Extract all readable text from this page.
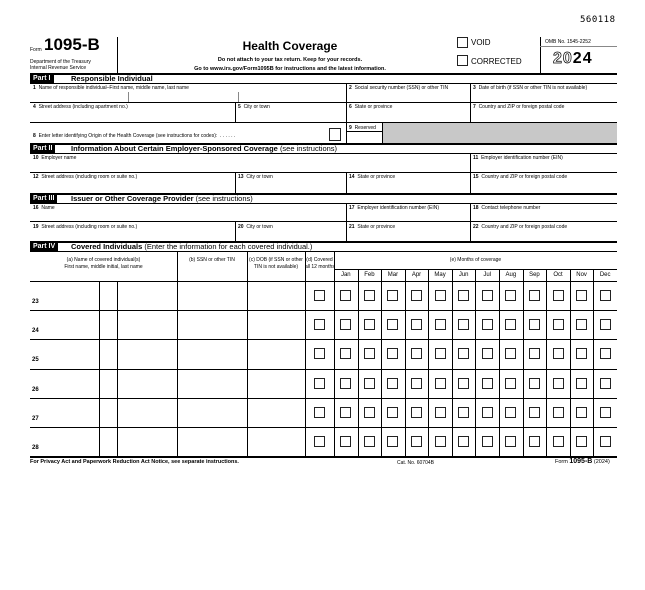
560118
Form 1095-B
Department of the Treasury
Internal Revenue Service
Health Coverage
Do not attach to your tax return. Keep for your records.
Go to www.irs.gov/Form1095B for instructions and the latest information.
VOID
CORRECTED
OMB No. 1545-2252
2024
Part I	Responsible Individual
1 Name of responsible individual–First name, middle name, last name	2 Social security number (SSN) or other TIN	3 Date of birth (if SSN or other TIN is not available)
4 Street address (including apartment no.)	5 City or town	6 State or province	7 Country and ZIP or foreign postal code
8 Enter letter identifying Origin of the Health Coverage (see instructions for codes): . . . . . .
9 Reserved
Part II	Information About Certain Employer-Sponsored Coverage (see instructions)
10 Employer name	11 Employer identification number (EIN)
12 Street address (including room or suite no.)	13 City or town	14 State or province	15 Country and ZIP or foreign postal code
Part III	Issuer or Other Coverage Provider (see instructions)
16 Name	17 Employer identification number (EIN)	18 Contact telephone number
19 Street address (including room or suite no.)	20 City or town	21 State or province	22 Country and ZIP or foreign postal code
Part IV	Covered Individuals (Enter the information for each covered individual.)
(a) Name of covered individual(s)
First name, middle initial, last name
(b) SSN or other TIN	(c) DOB (if SSN or other
TIN is not available)
(d) Covered
all 12 months
(e) Months of coverage
Jan	Feb	Mar	Apr	May	Jun	Jul	Aug	Sep	Oct	Nov	Dec
23
24
25
26
27
28
For Privacy Act and Paperwork Reduction Act Notice, see separate instructions.	Cat. No. 60704B	Form 1095-B (2024)
